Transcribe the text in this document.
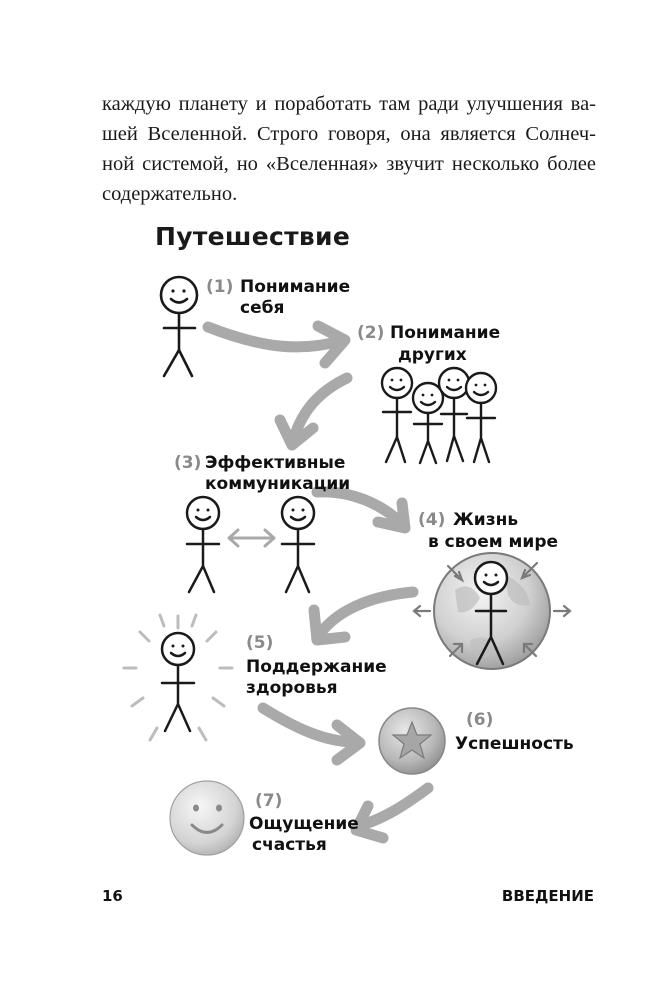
каждую планету и поработать там ради улучшения ва-
шей Вселенной. Строго говоря, она является Солнеч-
ной системой, но «Вселенная» звучит несколько более
содержательно.

Путешествие
(1) Понимание
себя
(2) Понимание
других
(3) Эффективные
коммуникации
(4) Жизнь
в своем мире
(5)
Поддержание
здоровья
(6)
Успешность
(7)
Ощущение
счастья
16	ВВЕДЕНИЕ
